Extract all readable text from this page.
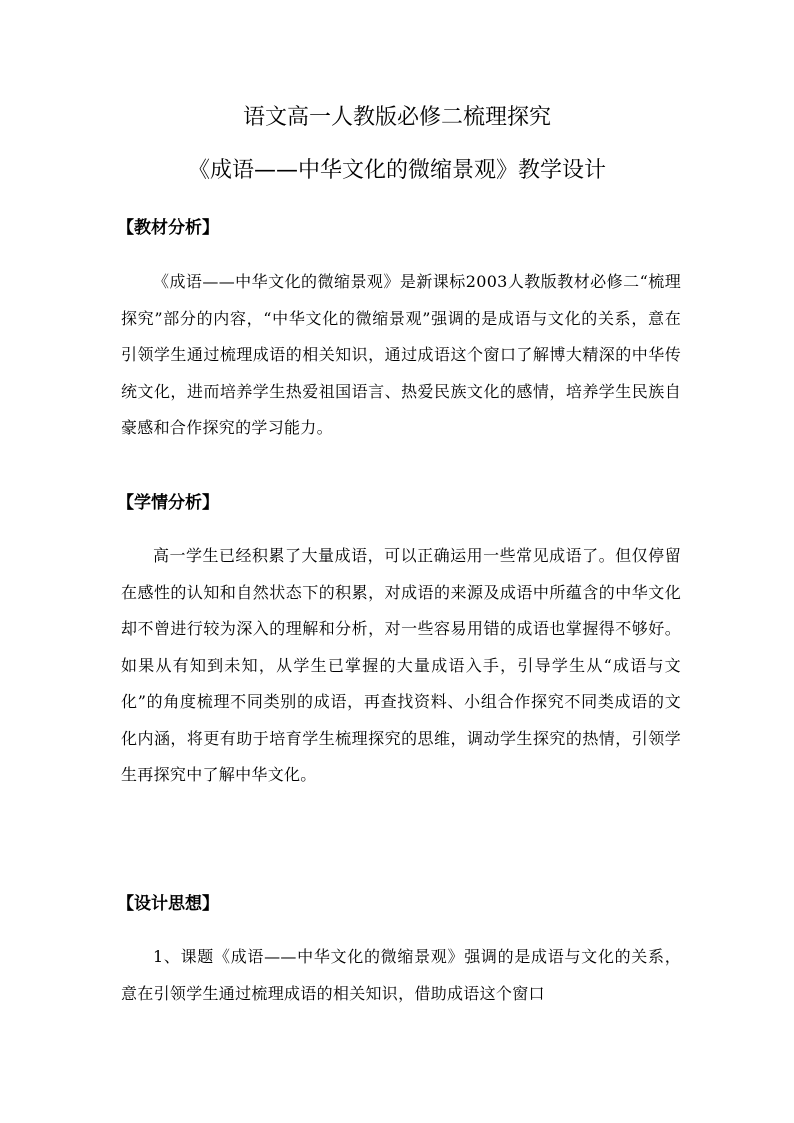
语文高一人教版必修二梳理探究
《成语——中华文化的微缩景观》教学设计
【教材分析】

《成语——中华文化的微缩景观》是新课标2003人教版教材必修二“梳理探究”部分的内容，“中华文化的微缩景观”强调的是成语与文化的关系，意在引领学生通过梳理成语的相关知识，通过成语这个窗口了解博大精深的中华传统文化，进而培养学生热爱祖国语言、热爱民族文化的感情，培养学生民族自豪感和合作探究的学习能力。

【学情分析】

高一学生已经积累了大量成语，可以正确运用一些常见成语了。但仅停留在感性的认知和自然状态下的积累，对成语的来源及成语中所蕴含的中华文化却不曾进行较为深入的理解和分析，对一些容易用错的成语也掌握得不够好。如果从有知到未知，从学生已掌握的大量成语入手，引导学生从“成语与文化”的角度梳理不同类别的成语，再查找资料、小组合作探究不同类成语的文化内涵，将更有助于培育学生梳理探究的思维，调动学生探究的热情，引领学生再探究中了解中华文化。

【设计思想】

1、课题《成语——中华文化的微缩景观》强调的是成语与文化的关系，意在引领学生通过梳理成语的相关知识，借助成语这个窗口
